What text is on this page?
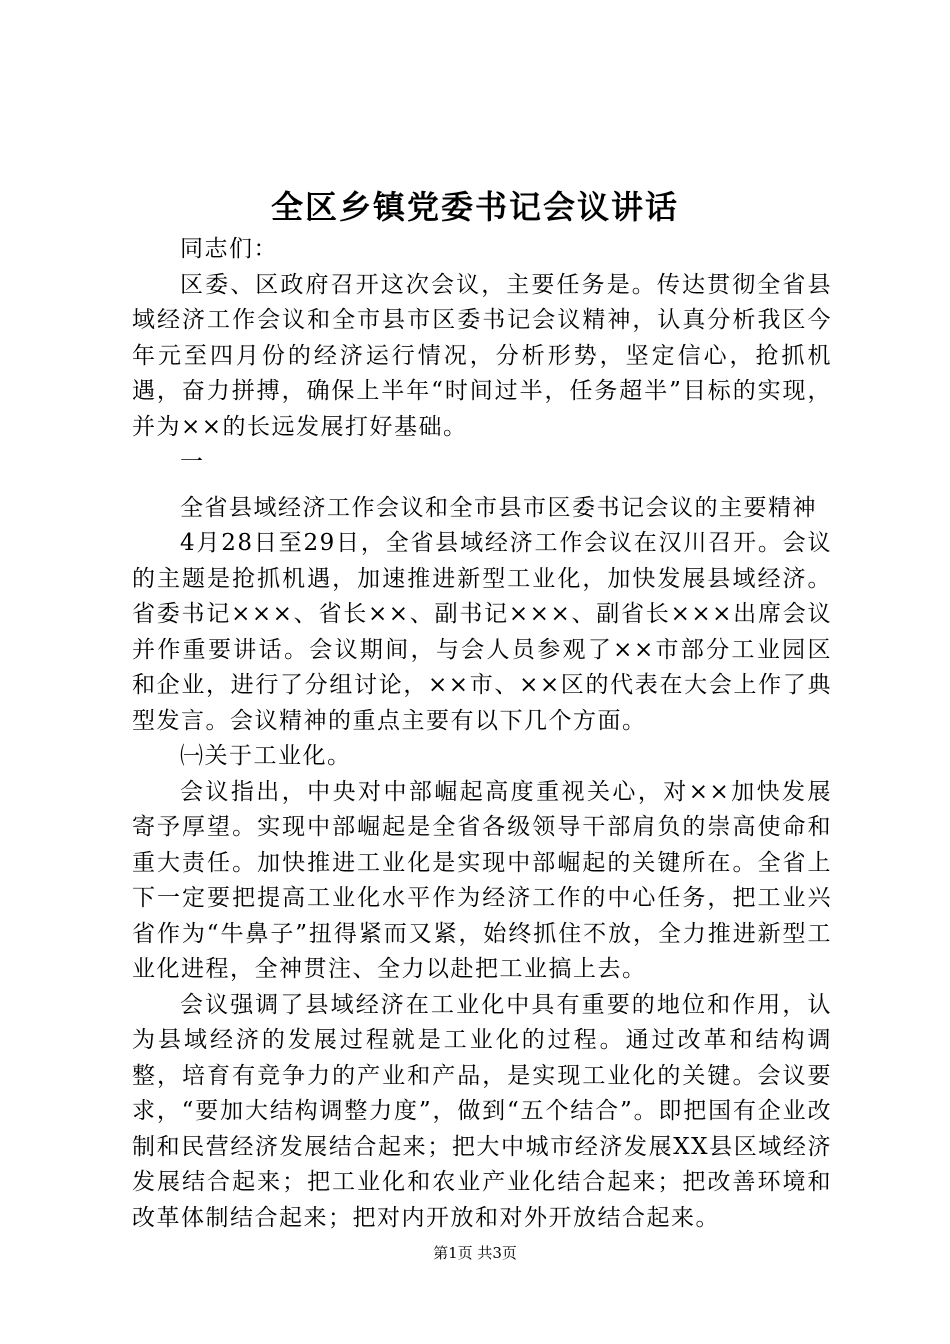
全区乡镇党委书记会议讲话

同志们：

区委、区政府召开这次会议，主要任务是。传达贯彻全省县域经济工作会议和全市县市区委书记会议精神，认真分析我区今年元至四月份的经济运行情况，分析形势，坚定信心，抢抓机遇，奋力拼搏，确保上半年“时间过半，任务超半”目标的实现，并为××的长远发展打好基础。

一

全省县域经济工作会议和全市县市区委书记会议的主要精神

4月28日至29日，全省县域经济工作会议在汉川召开。会议的主题是抢抓机遇，加速推进新型工业化，加快发展县域经济。省委书记×××、省长××、副书记×××、副省长×××出席会议并作重要讲话。会议期间，与会人员参观了××市部分工业园区和企业，进行了分组讨论，××市、××区的代表在大会上作了典型发言。会议精神的重点主要有以下几个方面。

㈠关于工业化。

会议指出，中央对中部崛起高度重视关心，对××加快发展寄予厚望。实现中部崛起是全省各级领导干部肩负的崇高使命和重大责任。加快推进工业化是实现中部崛起的关键所在。全省上下一定要把提高工业化水平作为经济工作的中心任务，把工业兴省作为“牛鼻子”扭得紧而又紧，始终抓住不放，全力推进新型工业化进程，全神贯注、全力以赴把工业搞上去。

会议强调了县域经济在工业化中具有重要的地位和作用，认为县域经济的发展过程就是工业化的过程。通过改革和结构调整，培育有竞争力的产业和产品，是实现工业化的关键。会议要求，“要加大结构调整力度”，做到“五个结合”。即把国有企业改制和民营经济发展结合起来；把大中城市经济发展XX县区域经济发展结合起来；把工业化和农业产业化结合起来；把改善环境和改革体制结合起来；把对内开放和对外开放结合起来。

第1页 共3页
